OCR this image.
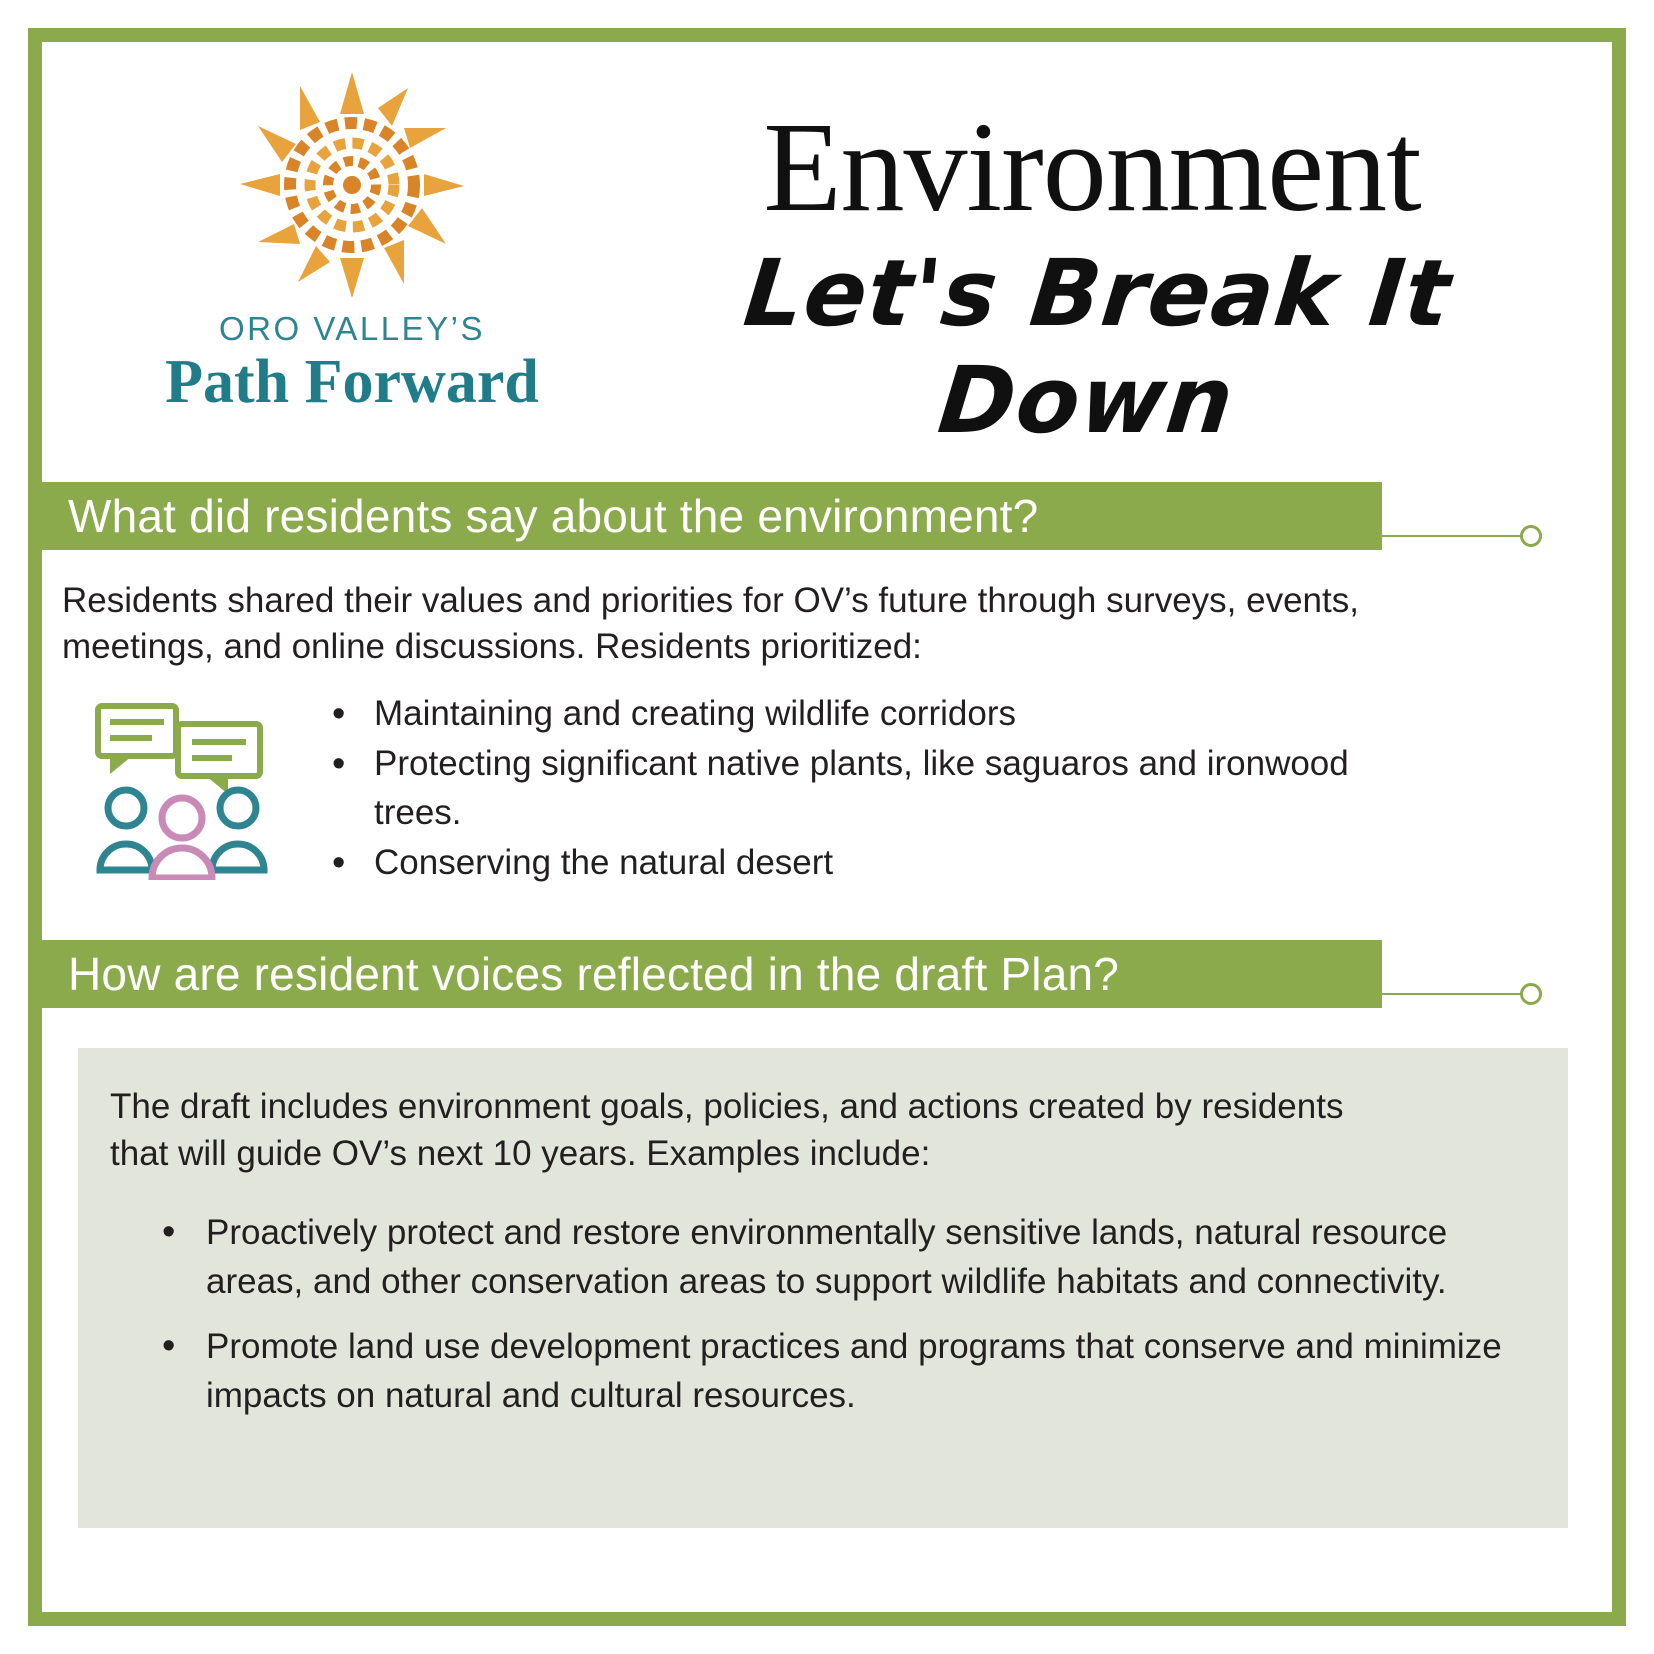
ORO VALLEY’S
Path Forward
Environment
Let's Break It Down
What did residents say about the environment?
Residents shared their values and priorities for OV’s future through surveys, events, meetings, and online discussions. Residents prioritized:
• Maintaining and creating wildlife corridors
• Protecting significant native plants, like saguaros and ironwood trees.
• Conserving the natural desert
How are resident voices reflected in the draft Plan?
The draft includes environment goals, policies, and actions created by residents that will guide OV’s next 10 years. Examples include:
• Proactively protect and restore environmentally sensitive lands, natural resource areas, and other conservation areas to support wildlife habitats and connectivity.
• Promote land use development practices and programs that conserve and minimize impacts on natural and cultural resources.
